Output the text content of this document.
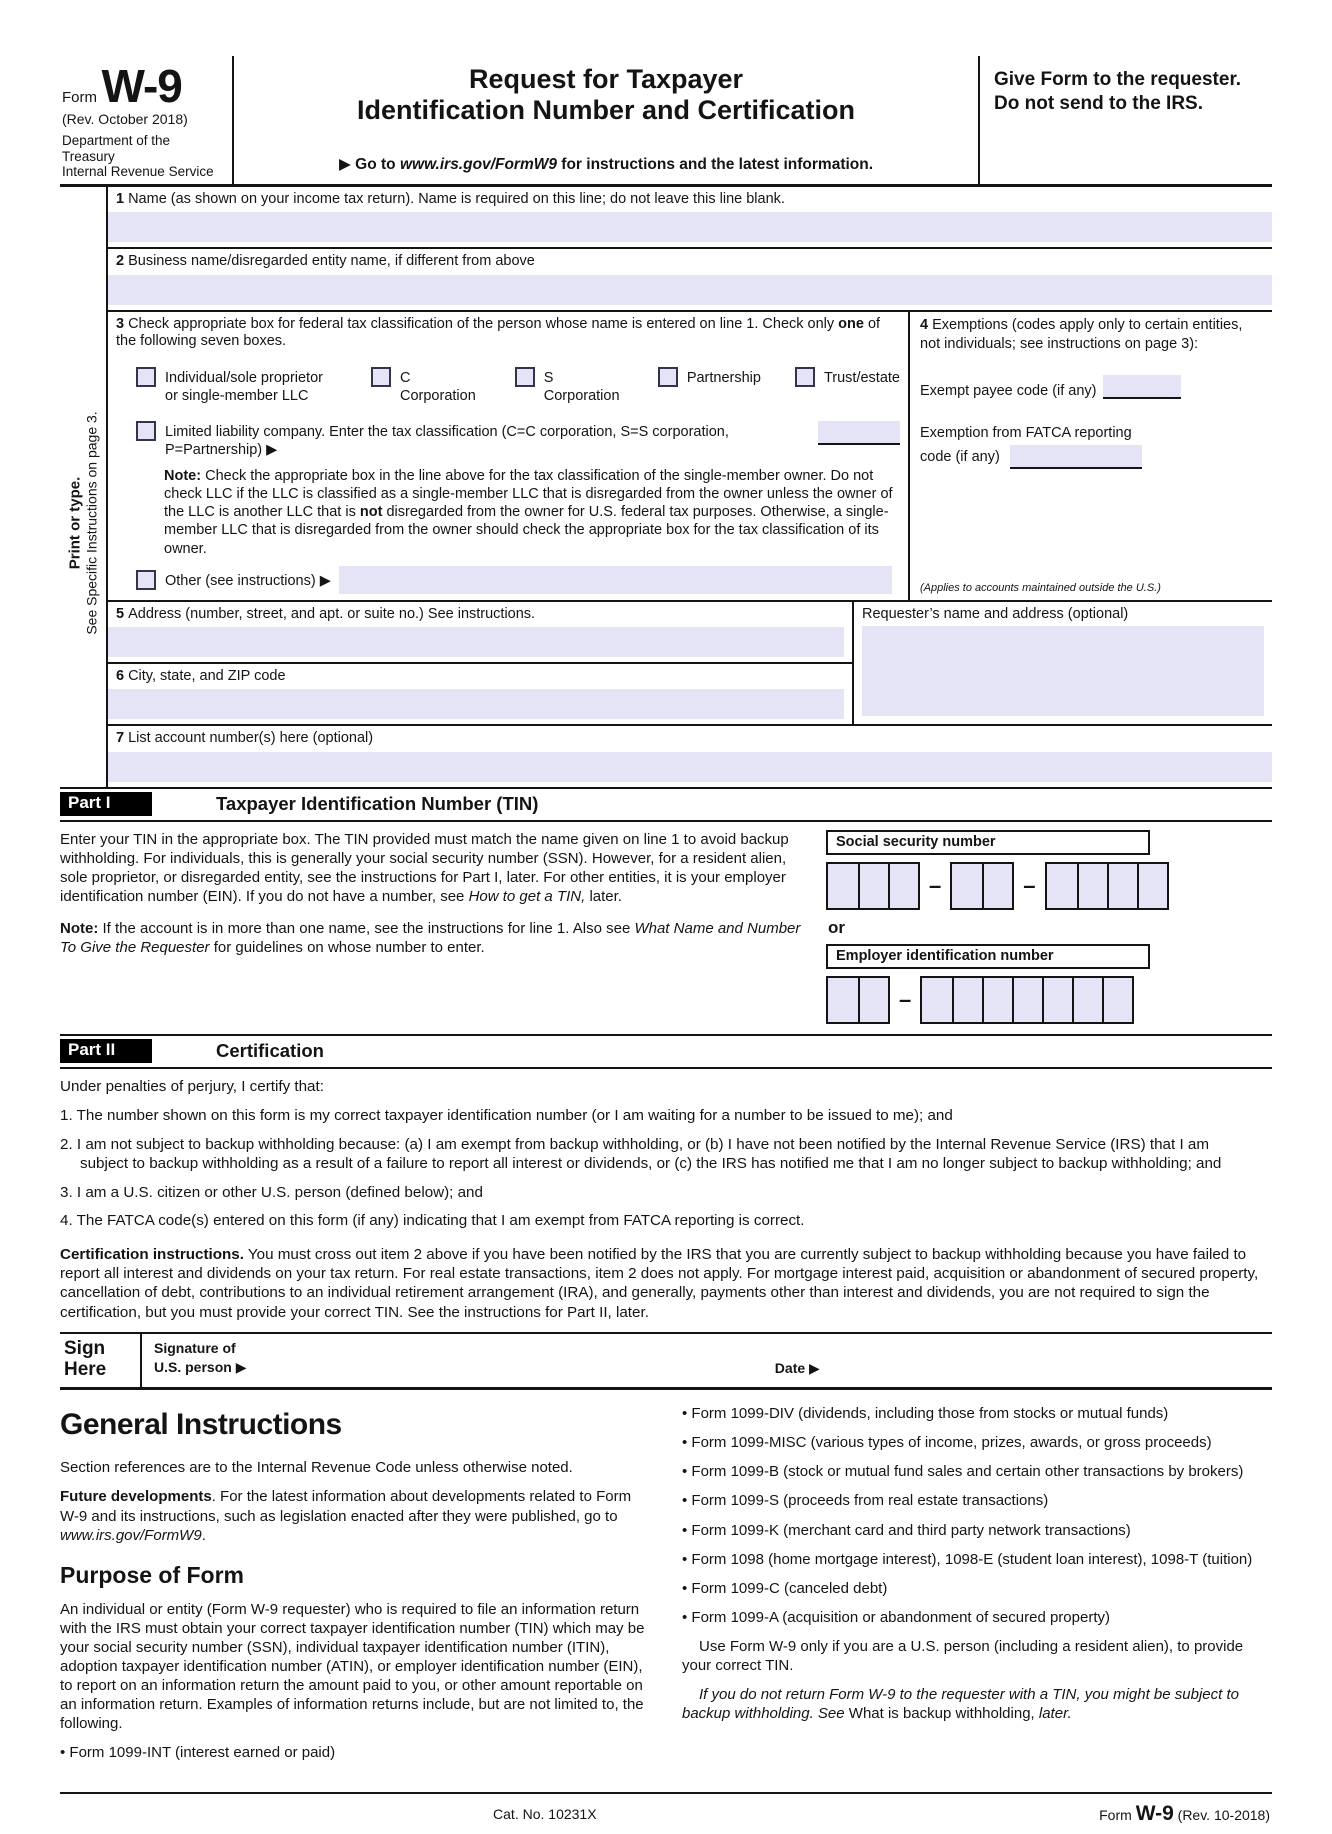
Form W-9
(Rev. October 2018)
Department of the Treasury
Internal Revenue Service
Request for Taxpayer
Identification Number and Certification
▶ Go to www.irs.gov/FormW9 for instructions and the latest information.
Give Form to the requester. Do not send to the IRS.
Print or type. See Specific Instructions on page 3.
1 Name (as shown on your income tax return). Name is required on this line; do not leave this line blank.
2 Business name/disregarded entity name, if different from above
3 Check appropriate box for federal tax classification of the person whose name is entered on line 1. Check only one of the following seven boxes.
Individual/sole proprietor or single-member LLC
C Corporation
S Corporation
Partnership	Trust/estate
Limited liability company. Enter the tax classification (C=C corporation, S=S corporation, P=Partnership) ▶
Note: Check the appropriate box in the line above for the tax classification of the single-member owner. Do not check LLC if the LLC is classified as a single-member LLC that is disregarded from the owner unless the owner of the LLC is another LLC that is not disregarded from the owner for U.S. federal tax purposes. Otherwise, a single-member LLC that is disregarded from the owner should check the appropriate box for the tax classification of its owner.
Other (see instructions) ▶
4 Exemptions (codes apply only to certain entities, not individuals; see instructions on page 3):
Exempt payee code (if any)
Exemption from FATCA reporting
code (if any)
(Applies to accounts maintained outside the U.S.)
5 Address (number, street, and apt. or suite no.) See instructions.
6 City, state, and ZIP code
Requester’s name and address (optional)
7 List account number(s) here (optional)
Part I	Taxpayer Identification Number (TIN)

Enter your TIN in the appropriate box. The TIN provided must match the name given on line 1 to avoid backup withholding. For individuals, this is generally your social security number (SSN). However, for a resident alien, sole proprietor, or disregarded entity, see the instructions for Part I, later. For other entities, it is your employer identification number (EIN). If you do not have a number, see How to get a TIN, later.

Note: If the account is in more than one name, see the instructions for line 1. Also see What Name and Number To Give the Requester for guidelines on whose number to enter.

Social security number
–	–
or
Employer identification number
–
Part II	Certification

Under penalties of perjury, I certify that:

1. The number shown on this form is my correct taxpayer identification number (or I am waiting for a number to be issued to me); and
2. I am not subject to backup withholding because: (a) I am exempt from backup withholding, or (b) I have not been notified by the Internal Revenue Service (IRS) that I am subject to backup withholding as a result of a failure to report all interest or dividends, or (c) the IRS has notified me that I am no longer subject to backup withholding; and
3. I am a U.S. citizen or other U.S. person (defined below); and
4. The FATCA code(s) entered on this form (if any) indicating that I am exempt from FATCA reporting is correct.

Certification instructions. You must cross out item 2 above if you have been notified by the IRS that you are currently subject to backup withholding because you have failed to report all interest and dividends on your tax return. For real estate transactions, item 2 does not apply. For mortgage interest paid, acquisition or abandonment of secured property, cancellation of debt, contributions to an individual retirement arrangement (IRA), and generally, payments other than interest and dividends, you are not required to sign the certification, but you must provide your correct TIN. See the instructions for Part II, later.

Sign
Here
Signature of
U.S. person ▶	Date ▶
General Instructions

Section references are to the Internal Revenue Code unless otherwise noted.

Future developments. For the latest information about developments related to Form W-9 and its instructions, such as legislation enacted after they were published, go to www.irs.gov/FormW9.

Purpose of Form

An individual or entity (Form W-9 requester) who is required to file an information return with the IRS must obtain your correct taxpayer identification number (TIN) which may be your social security number (SSN), individual taxpayer identification number (ITIN), adoption taxpayer identification number (ATIN), or employer identification number (EIN), to report on an information return the amount paid to you, or other amount reportable on an information return. Examples of information returns include, but are not limited to, the following.

• Form 1099-INT (interest earned or paid)

• Form 1099-DIV (dividends, including those from stocks or mutual funds)

• Form 1099-MISC (various types of income, prizes, awards, or gross proceeds)

• Form 1099-B (stock or mutual fund sales and certain other transactions by brokers)

• Form 1099-S (proceeds from real estate transactions)

• Form 1099-K (merchant card and third party network transactions)

• Form 1098 (home mortgage interest), 1098-E (student loan interest), 1098-T (tuition)

• Form 1099-C (canceled debt)

• Form 1099-A (acquisition or abandonment of secured property)

Use Form W-9 only if you are a U.S. person (including a resident alien), to provide your correct TIN.

If you do not return Form W-9 to the requester with a TIN, you might be subject to backup withholding. See What is backup withholding, later.

Cat. No. 10231X	Form W-9 (Rev. 10-2018)
